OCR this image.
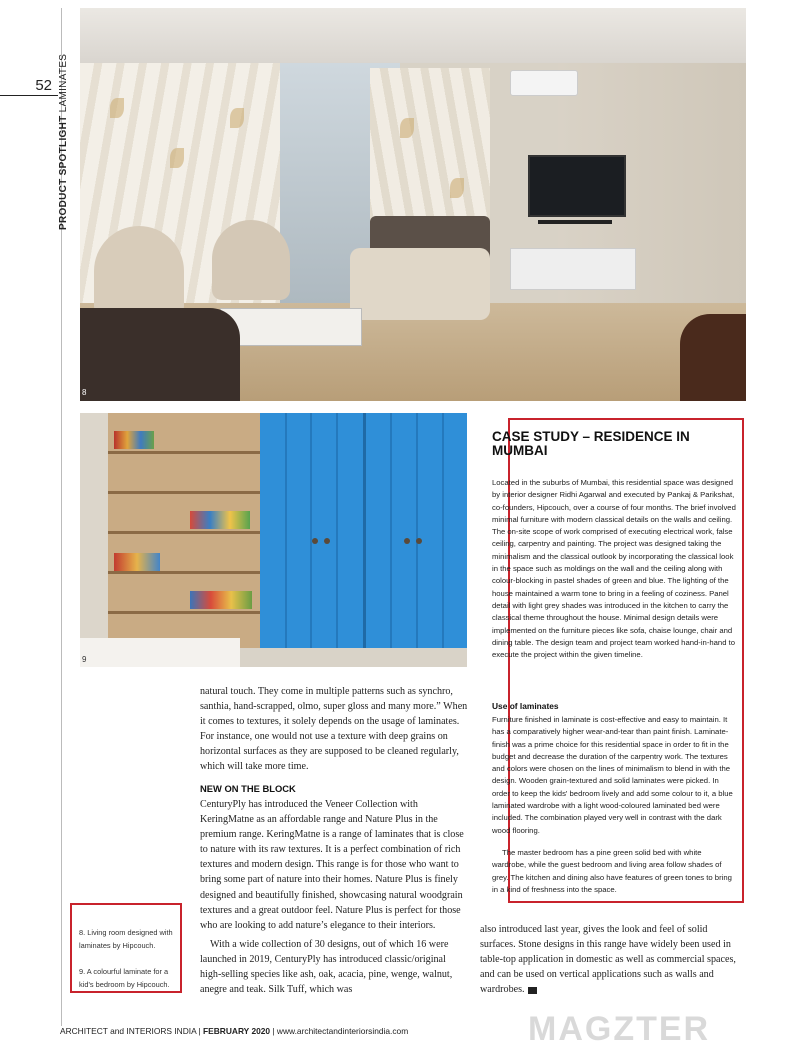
52
PRODUCT SPOTLIGHT LAMINATES
8
9
CASE STUDY – RESIDENCE IN MUMBAI
Located in the suburbs of Mumbai, this residential space was designed by interior designer Ridhi Agarwal and executed by Pankaj & Parikshat, co-founders, Hipcouch, over a course of four months. The brief involved minimal furniture with modern classical details on the walls and ceiling. The on-site scope of work comprised of executing electrical work, false ceiling, carpentry and painting. The project was designed taking the minimalism and the classical outlook by incorporating the classical look in the space such as moldings on the wall and the ceiling along with colour-blocking in pastel shades of green and blue. The lighting of the house maintained a warm tone to bring in a feeling of coziness. Panel detail with light grey shades was introduced in the kitchen to carry the classical theme throughout the house. Minimal design details were implemented on the furniture pieces like sofa, chaise lounge, chair and dining table. The design team and project team worked hand-in-hand to execute the project within the given timeline.
Use of laminates
Furniture finished in laminate is cost-effective and easy to maintain. It has a comparatively higher wear-and-tear than paint finish. Laminate-finish was a prime choice for this residential space in order to fit in the budget and decrease the duration of the carpentry work. The textures and colors were chosen on the lines of minimalism to blend in with the design. Wooden grain-textured and solid laminates were picked. In order to keep the kids' bedroom lively and add some colour to it, a blue laminated wardrobe with a light wood-coloured laminated bed were included. The combination played very well in contrast with the dark wood flooring.
The master bedroom has a pine green solid bed with white wardrobe, while the guest bedroom and living area follow shades of grey. The kitchen and dining also have features of green tones to bring in a kind of freshness into the space.
natural touch. They come in multiple patterns such as synchro, santhia, hand-scrapped, olmo, super gloss and many more.” When it comes to textures, it solely depends on the usage of laminates. For instance, one would not use a texture with deep grains on horizontal surfaces as they are supposed to be cleaned regularly, which will take more time.
NEW ON THE BLOCK
CenturyPly has introduced the Veneer Collection with KeringMatne as an affordable range and Nature Plus in the premium range. KeringMatne is a range of laminates that is close to nature with its raw textures. It is a perfect combination of rich textures and modern design. This range is for those who want to bring some part of nature into their homes. Nature Plus is finely designed and beautifully finished, showcasing natural woodgrain textures and a great outdoor feel. Nature Plus is perfect for those who are looking to add nature’s elegance to their interiors.
With a wide collection of 30 designs, out of which 16 were launched in 2019, CenturyPly has introduced classic/original high-selling species like ash, oak, acacia, pine, wenge, walnut, anegre and teak. Silk Tuff, which was
also introduced last year, gives the look and feel of solid surfaces. Stone designs in this range have widely been used in table-top application in domestic as well as commercial spaces, and can be used on vertical applications such as walls and wardrobes.
8. Living room designed with laminates by Hipcouch.
9. A colourful laminate for a kid's bedroom by Hipcouch.
ARCHITECT and INTERIORS INDIA | FEBRUARY 2020 | www.architectandinteriorsindia.com	MAGZTER
